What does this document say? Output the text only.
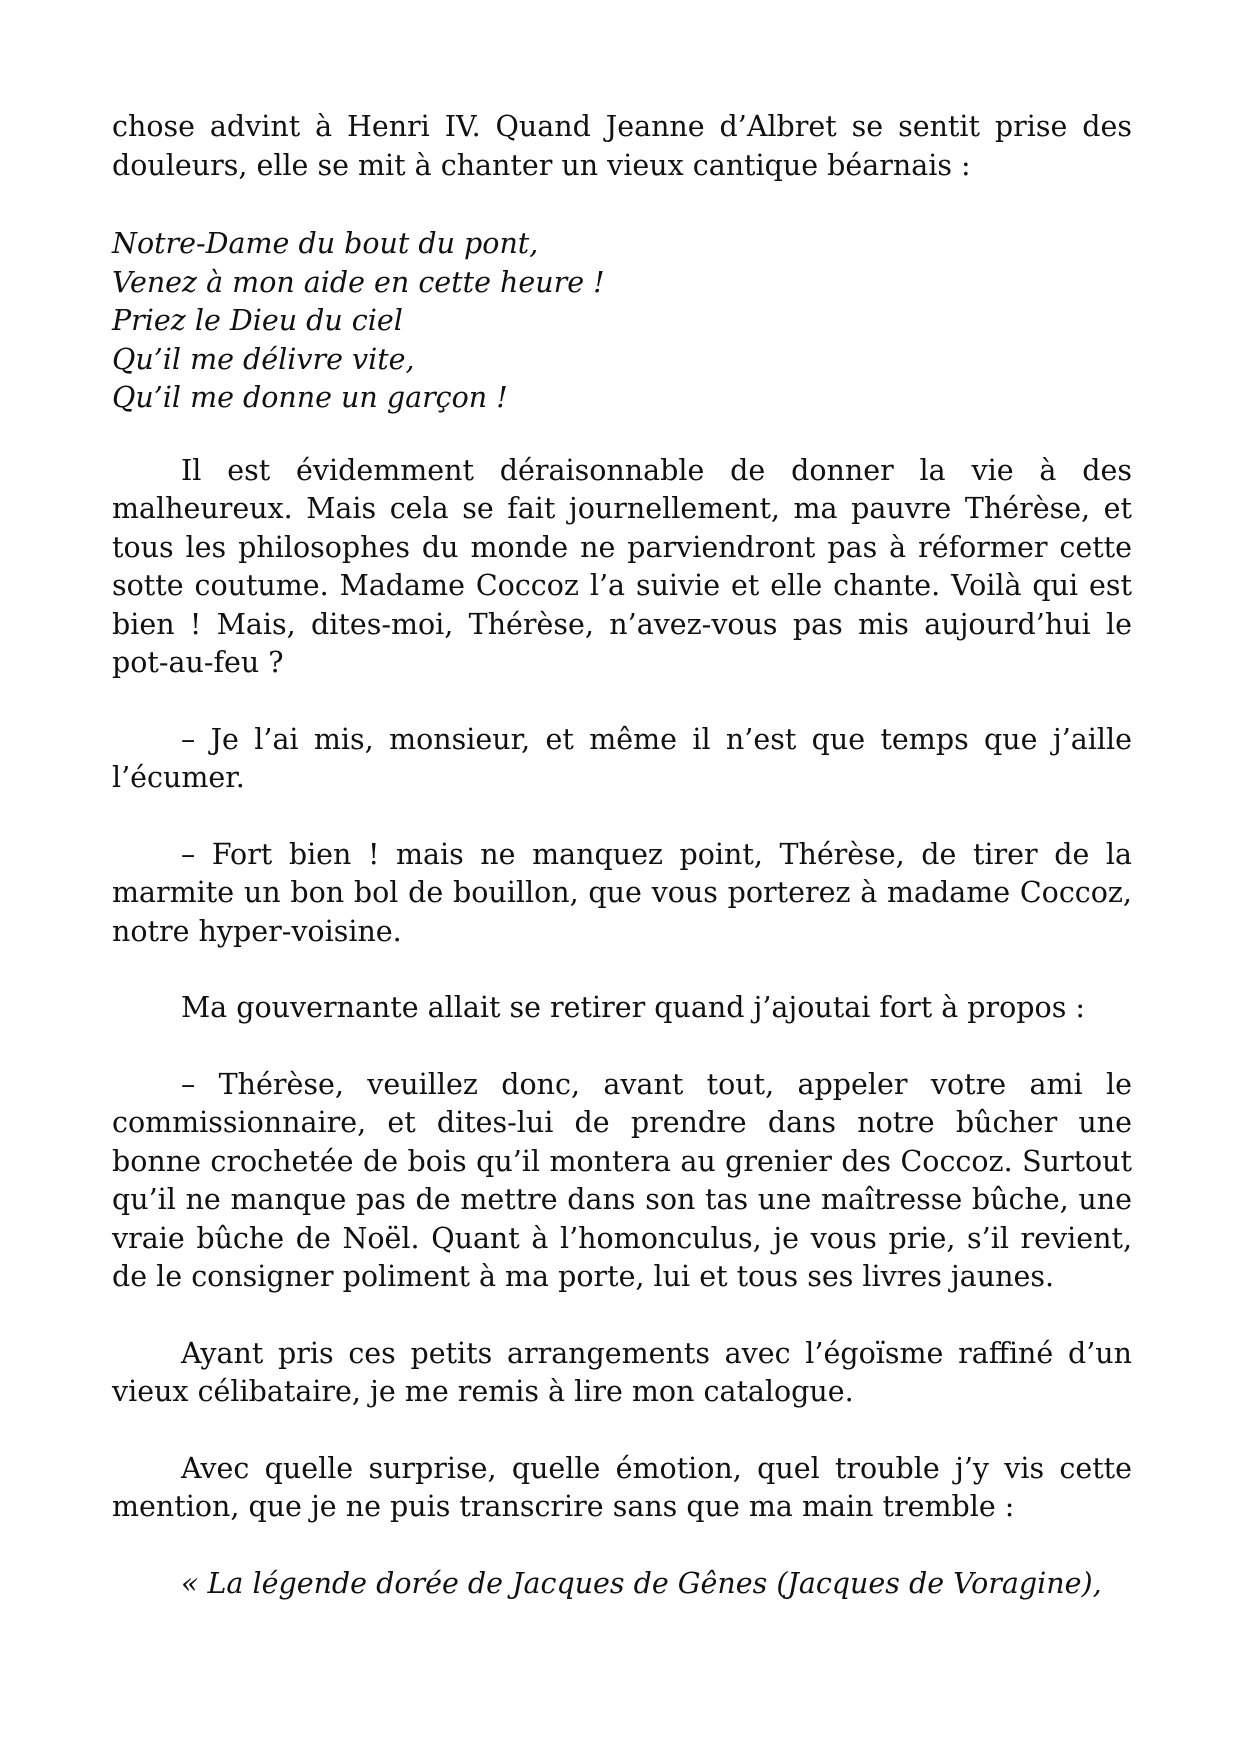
chose advint à Henri IV. Quand Jeanne d’Albret se sentit prise des douleurs, elle se mit à chanter un vieux cantique béarnais :

Notre-Dame du bout du pont,
Venez à mon aide en cette heure !
Priez le Dieu du ciel
Qu’il me délivre vite,
Qu’il me donne un garçon !

Il est évidemment déraisonnable de donner la vie à des malheureux. Mais cela se fait journellement, ma pauvre Thérèse, et tous les philosophes du monde ne parviendront pas à réformer cette sotte coutume. Madame Coccoz l’a suivie et elle chante. Voilà qui est bien ! Mais, dites-moi, Thérèse, n’avez-vous pas mis aujourd’hui le pot-au-feu ?

– Je l’ai mis, monsieur, et même il n’est que temps que j’aille l’écumer.

– Fort bien ! mais ne manquez point, Thérèse, de tirer de la marmite un bon bol de bouillon, que vous porterez à madame Coccoz, notre hyper-voisine.

Ma gouvernante allait se retirer quand j’ajoutai fort à propos :

– Thérèse, veuillez donc, avant tout, appeler votre ami le commissionnaire, et dites-lui de prendre dans notre bûcher une bonne crochetée de bois qu’il montera au grenier des Coccoz. Surtout qu’il ne manque pas de mettre dans son tas une maîtresse bûche, une vraie bûche de Noël. Quant à l’homonculus, je vous prie, s’il revient, de le consigner poliment à ma porte, lui et tous ses livres jaunes.

Ayant pris ces petits arrangements avec l’égoïsme raffiné d’un vieux célibataire, je me remis à lire mon catalogue.

Avec quelle surprise, quelle émotion, quel trouble j’y vis cette mention, que je ne puis transcrire sans que ma main tremble :

« La légende dorée de Jacques de Gênes (Jacques de Voragine),
